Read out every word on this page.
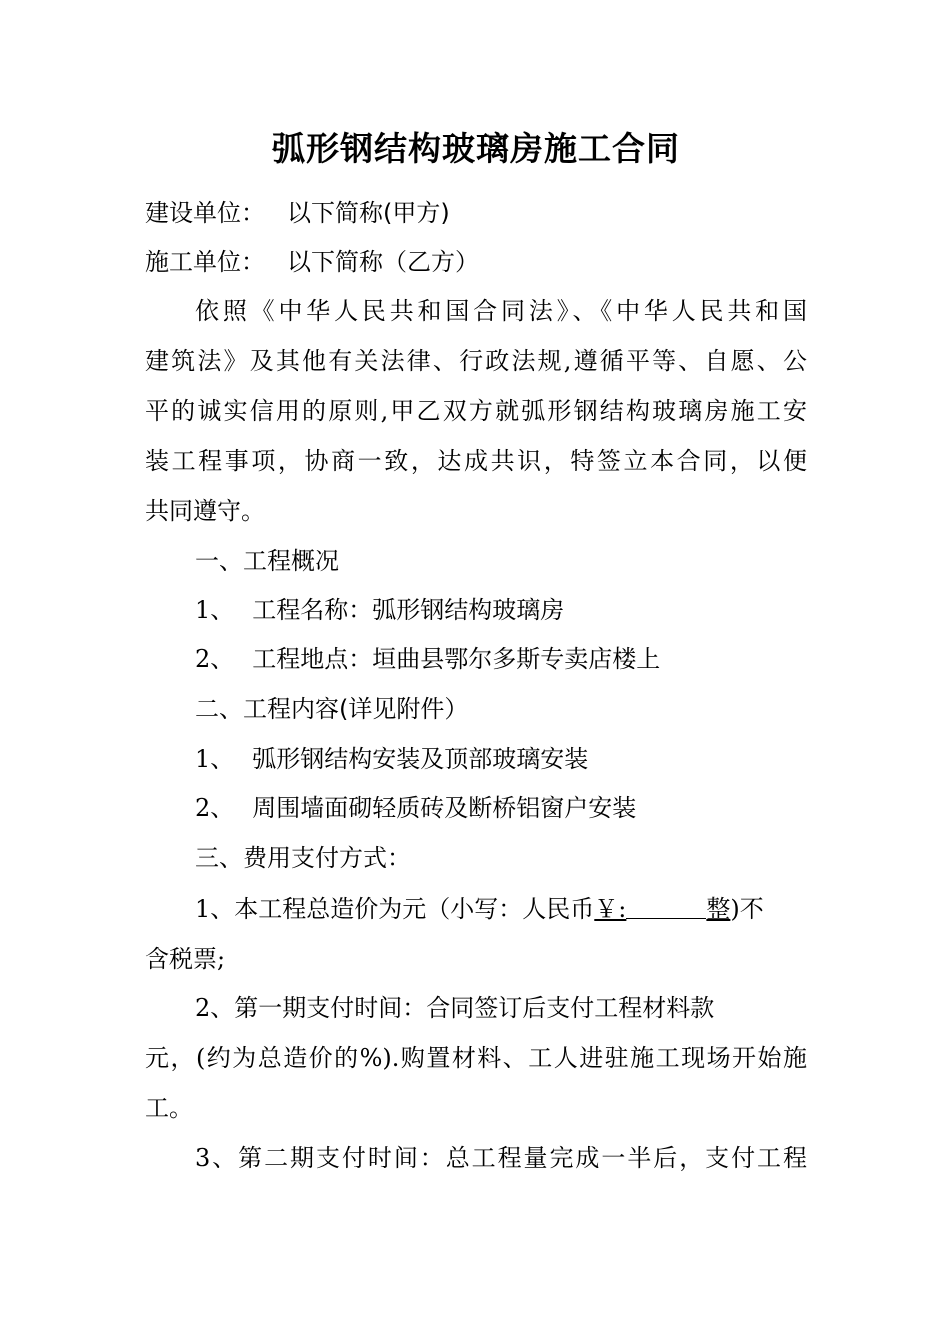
弧形钢结构玻璃房施工合同
建设单位： 以下简称(甲方)
施工单位： 以下简称（乙方）
依照《中华人民共和国合同法》、《中华人民共和国
建筑法》及其他有关法律、行政法规,遵循平等、自愿、公
平的诚实信用的原则,甲乙双方就弧形钢结构玻璃房施工安
装工程事项，协商一致，达成共识，特签立本合同，以便
共同遵守。
一、工程概况
1、 工程名称：弧形钢结构玻璃房
2、 工程地点：垣曲县鄂尔多斯专卖店楼上
二、工程内容(详见附件）
1、 弧形钢结构安装及顶部玻璃安装
2、 周围墙面砌轻质砖及断桥铝窗户安装
三、费用支付方式：
1、本工程总造价为元（小写：人民币￥:	整)不
含税票;
2、第一期支付时间：合同签订后支付工程材料款
元，(约为总造价的%).购置材料、工人进驻施工现场开始施
工。
3、第二期支付时间：总工程量完成一半后，支付工程
